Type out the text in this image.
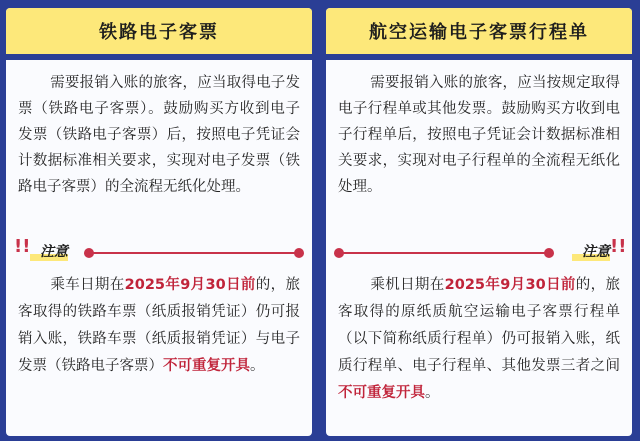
铁路电子客票
需要报销入账的旅客，应当取得电子发票（铁路电子客票）。鼓励购买方收到电子发票（铁路电子客票）后，按照电子凭证会计数据标准相关要求，实现对电子发票（铁路电子客票）的全流程无纸化处理。
!! 注意
乘车日期在2025年9月30日前的，旅客取得的铁路车票（纸质报销凭证）仍可报销入账，铁路车票（纸质报销凭证）与电子发票（铁路电子客票）不可重复开具。
航空运输电子客票行程单
需要报销入账的旅客，应当按规定取得电子行程单或其他发票。鼓励购买方收到电子行程单后，按照电子凭证会计数据标准相关要求，实现对电子行程单的全流程无纸化处理。
注意 !!
乘机日期在2025年9月30日前的，旅客取得的原纸质航空运输电子客票行程单（以下简称纸质行程单）仍可报销入账，纸质行程单、电子行程单、其他发票三者之间不可重复开具。
